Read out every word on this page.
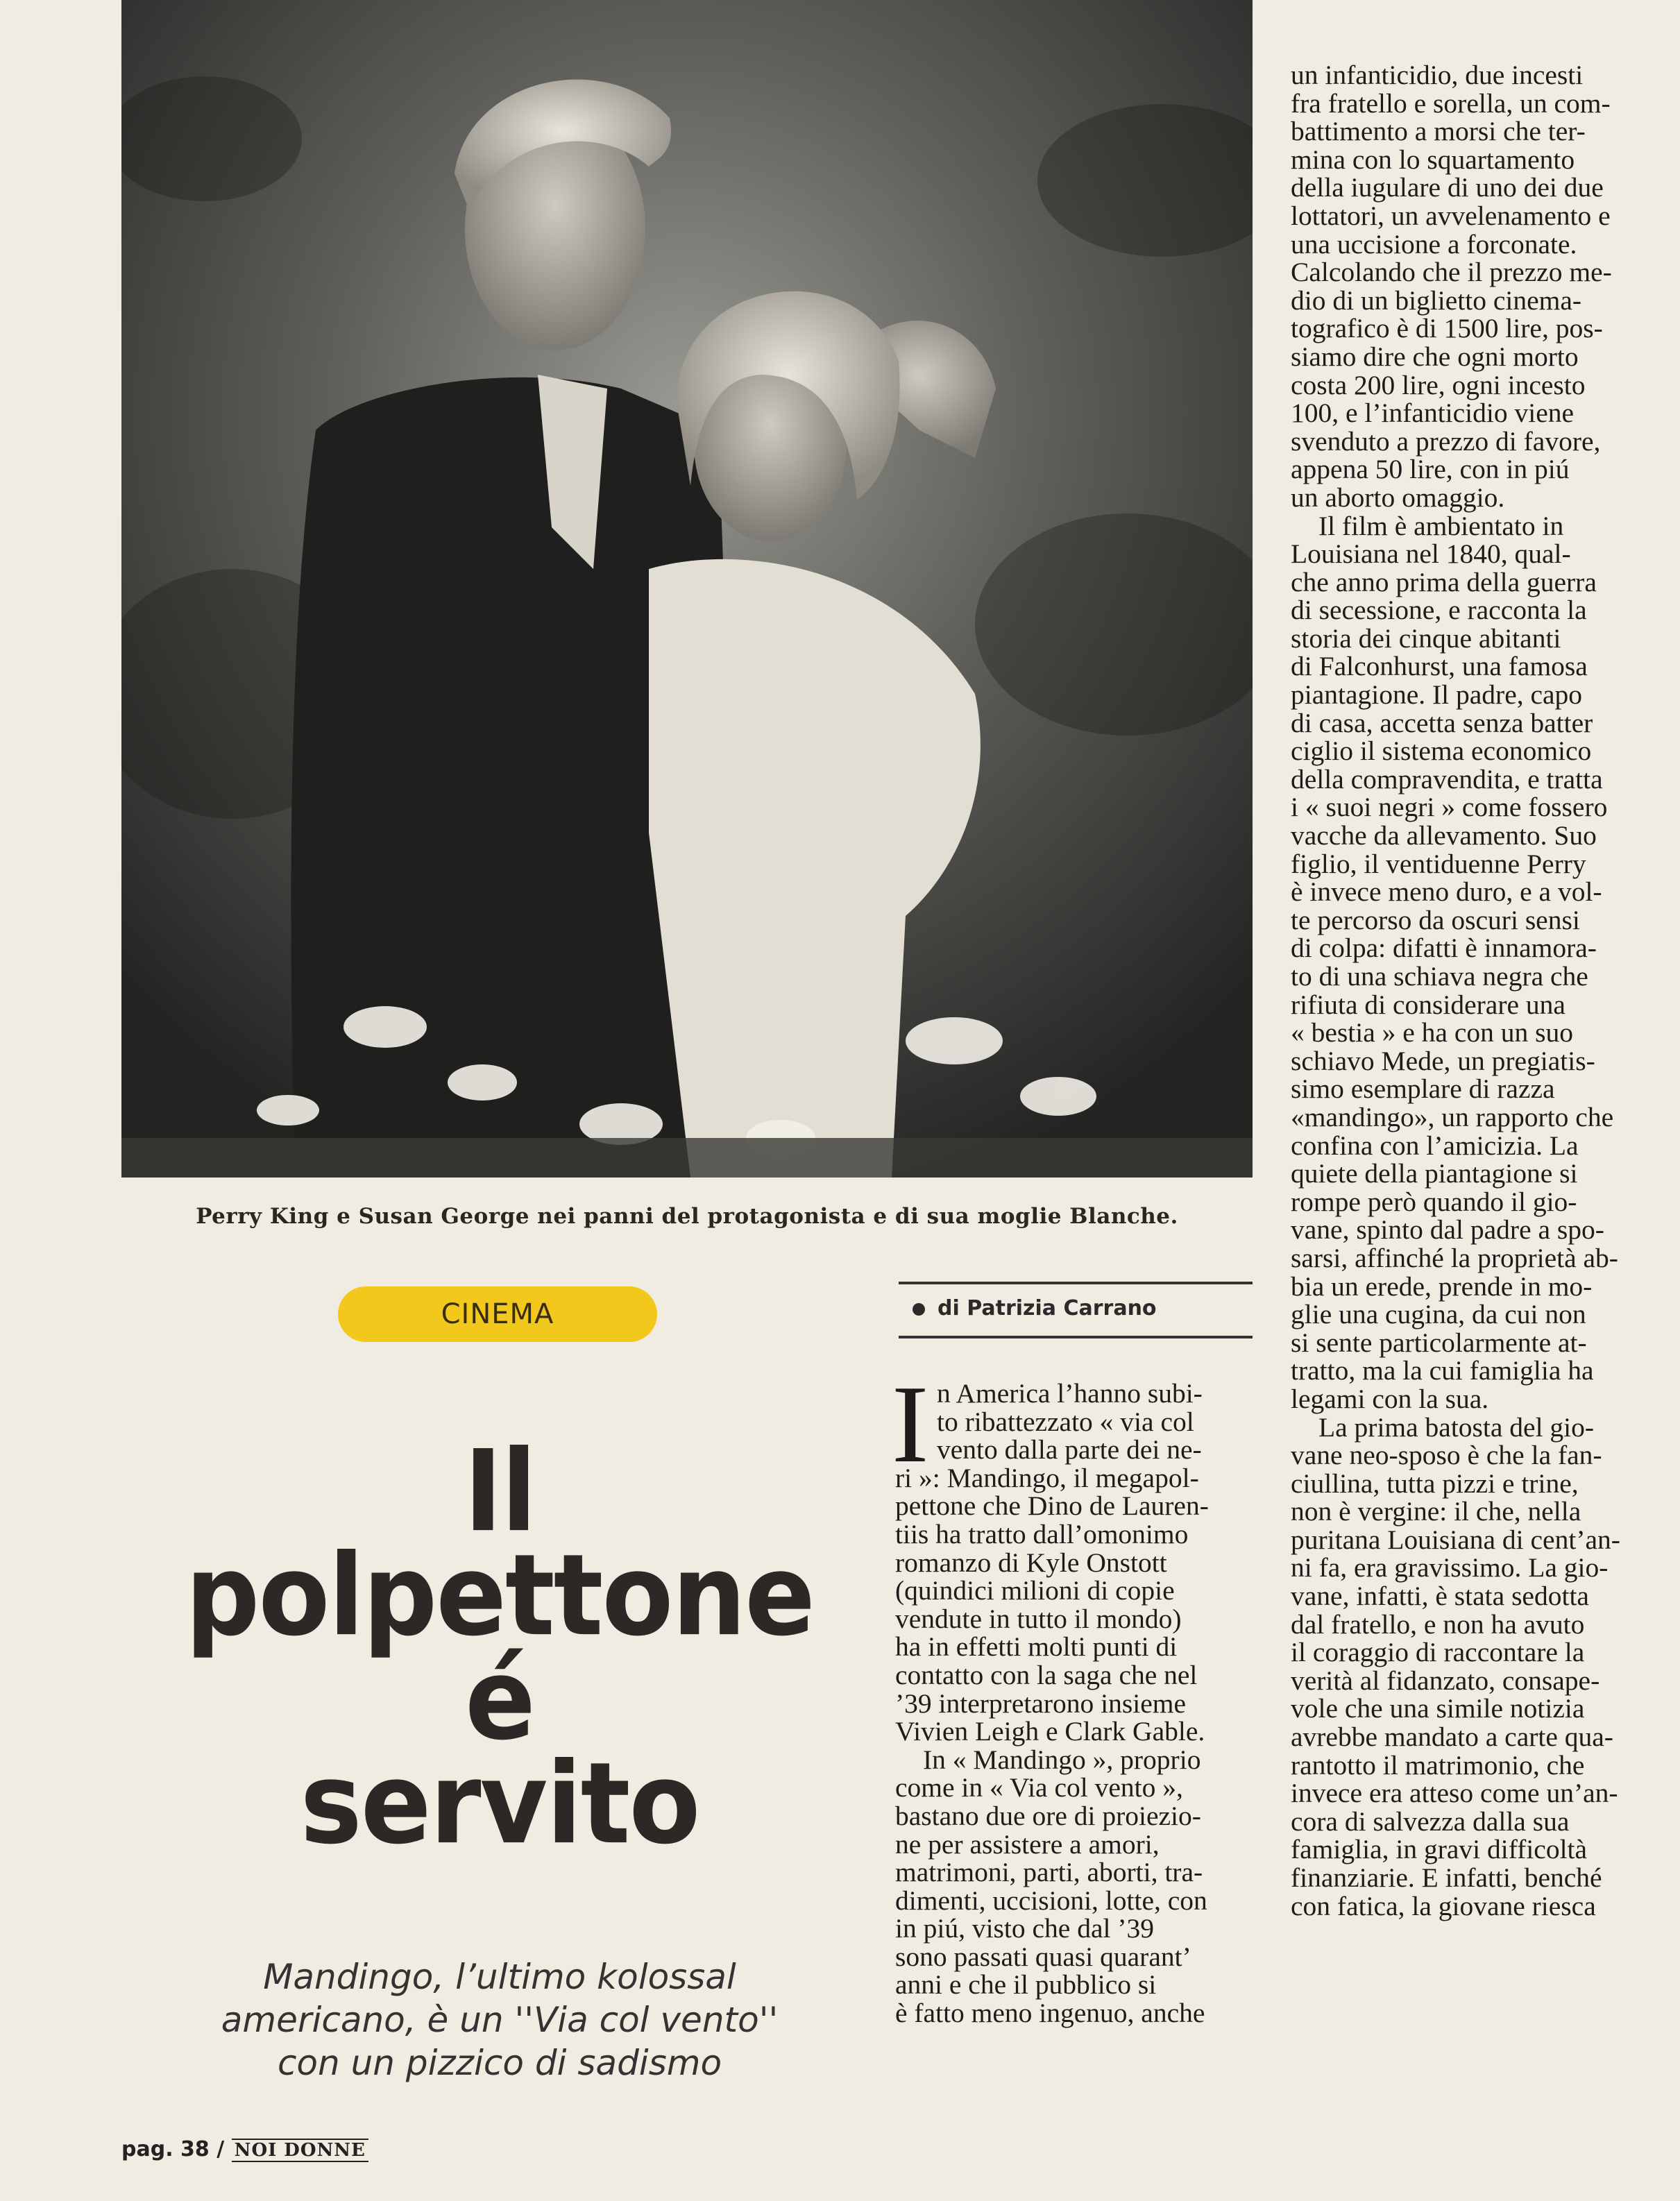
Perry King e Susan George nei panni del protagonista e di sua moglie Blanche.
CINEMA	di Patrizia Carrano
Il
polpettone
é
servito
Mandingo, l’ultimo kolossal
americano, è un ''Via col vento''
con un pizzico di sadismo
I n America l’hanno subi-

to ribattezzato « via col

vento dalla parte dei ne-

ri »: Mandingo, il megapol-

pettone che Dino de Lauren-

tiis ha tratto dall’omonimo

romanzo di Kyle Onstott

(quindici milioni di copie

vendute in tutto il mondo)

ha in effetti molti punti di

contatto con la saga che nel

’39 interpretarono insieme

Vivien Leigh e Clark Gable.

In « Mandingo », proprio

come in « Via col vento »,

bastano due ore di proiezio-

ne per assistere a amori,

matrimoni, parti, aborti, tra-

dimenti, uccisioni, lotte, con

in piú, visto che dal ’39

sono passati quasi quarant’

anni e che il pubblico si

è fatto meno ingenuo, anche

un infanticidio, due incesti

fra fratello e sorella, un com-

battimento a morsi che ter-

mina con lo squartamento

della iugulare di uno dei due

lottatori, un avvelenamento e

una uccisione a forconate.

Calcolando che il prezzo me-

dio di un biglietto cinema-

tografico è di 1500 lire, pos-

siamo dire che ogni morto

costa 200 lire, ogni incesto

100, e l’infanticidio viene

svenduto a prezzo di favore,

appena 50 lire, con in piú

un aborto omaggio.

Il film è ambientato in

Louisiana nel 1840, qual-

che anno prima della guerra

di secessione, e racconta la

storia dei cinque abitanti

di Falconhurst, una famosa

piantagione. Il padre, capo

di casa, accetta senza batter

ciglio il sistema economico

della compravendita, e tratta

i « suoi negri » come fossero

vacche da allevamento. Suo

figlio, il ventiduenne Perry

è invece meno duro, e a vol-

te percorso da oscuri sensi

di colpa: difatti è innamora-

to di una schiava negra che

rifiuta di considerare una

« bestia » e ha con un suo

schiavo Mede, un pregiatis-

simo esemplare di razza

«mandingo», un rapporto che

confina con l’amicizia. La

quiete della piantagione si

rompe però quando il gio-

vane, spinto dal padre a spo-

sarsi, affinché la proprietà ab-

bia un erede, prende in mo-

glie una cugina, da cui non

si sente particolarmente at-

tratto, ma la cui famiglia ha

legami con la sua.

La prima batosta del gio-

vane neo-sposo è che la fan-

ciullina, tutta pizzi e trine,

non è vergine: il che, nella

puritana Louisiana di cent’an-

ni fa, era gravissimo. La gio-

vane, infatti, è stata sedotta

dal fratello, e non ha avuto

il coraggio di raccontare la

verità al fidanzato, consape-

vole che una simile notizia

avrebbe mandato a carte qua-

rantotto il matrimonio, che

invece era atteso come un’an-

cora di salvezza dalla sua

famiglia, in gravi difficoltà

finanziarie. E infatti, benché

con fatica, la giovane riesca

pag. 38 / NOI DONNE
